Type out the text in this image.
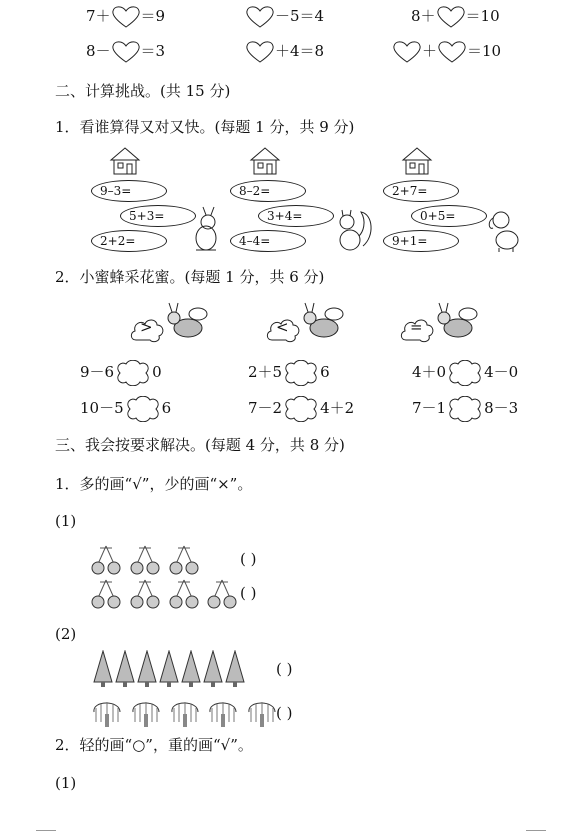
7＋ ＝9	－5＝4	8＋ ＝10
8－ ＝3	＋4＝8	＋ ＝10
二、计算挑战。(共 15 分)
1．看谁算得又对又快。(每题 1 分，共 9 分)
9–3=
5+3=
2+2=
8–2=
3+4=
4–4=
2+7=
0+5=
9+1=
2．小蜜蜂采花蜜。(每题 1 分，共 6 分)
>	<	=
9－6	0	2＋5	6	4＋0	4－0
10－5	6	7－2	4＋2	7－1	8－3
三、我会按要求解决。(每题 4 分，共 8 分)
1．多的画“√”，少的画“×”。
(1)

( )

( )
(2)
( )

( )
2．轻的画“○”，重的画“√”。
(1)
